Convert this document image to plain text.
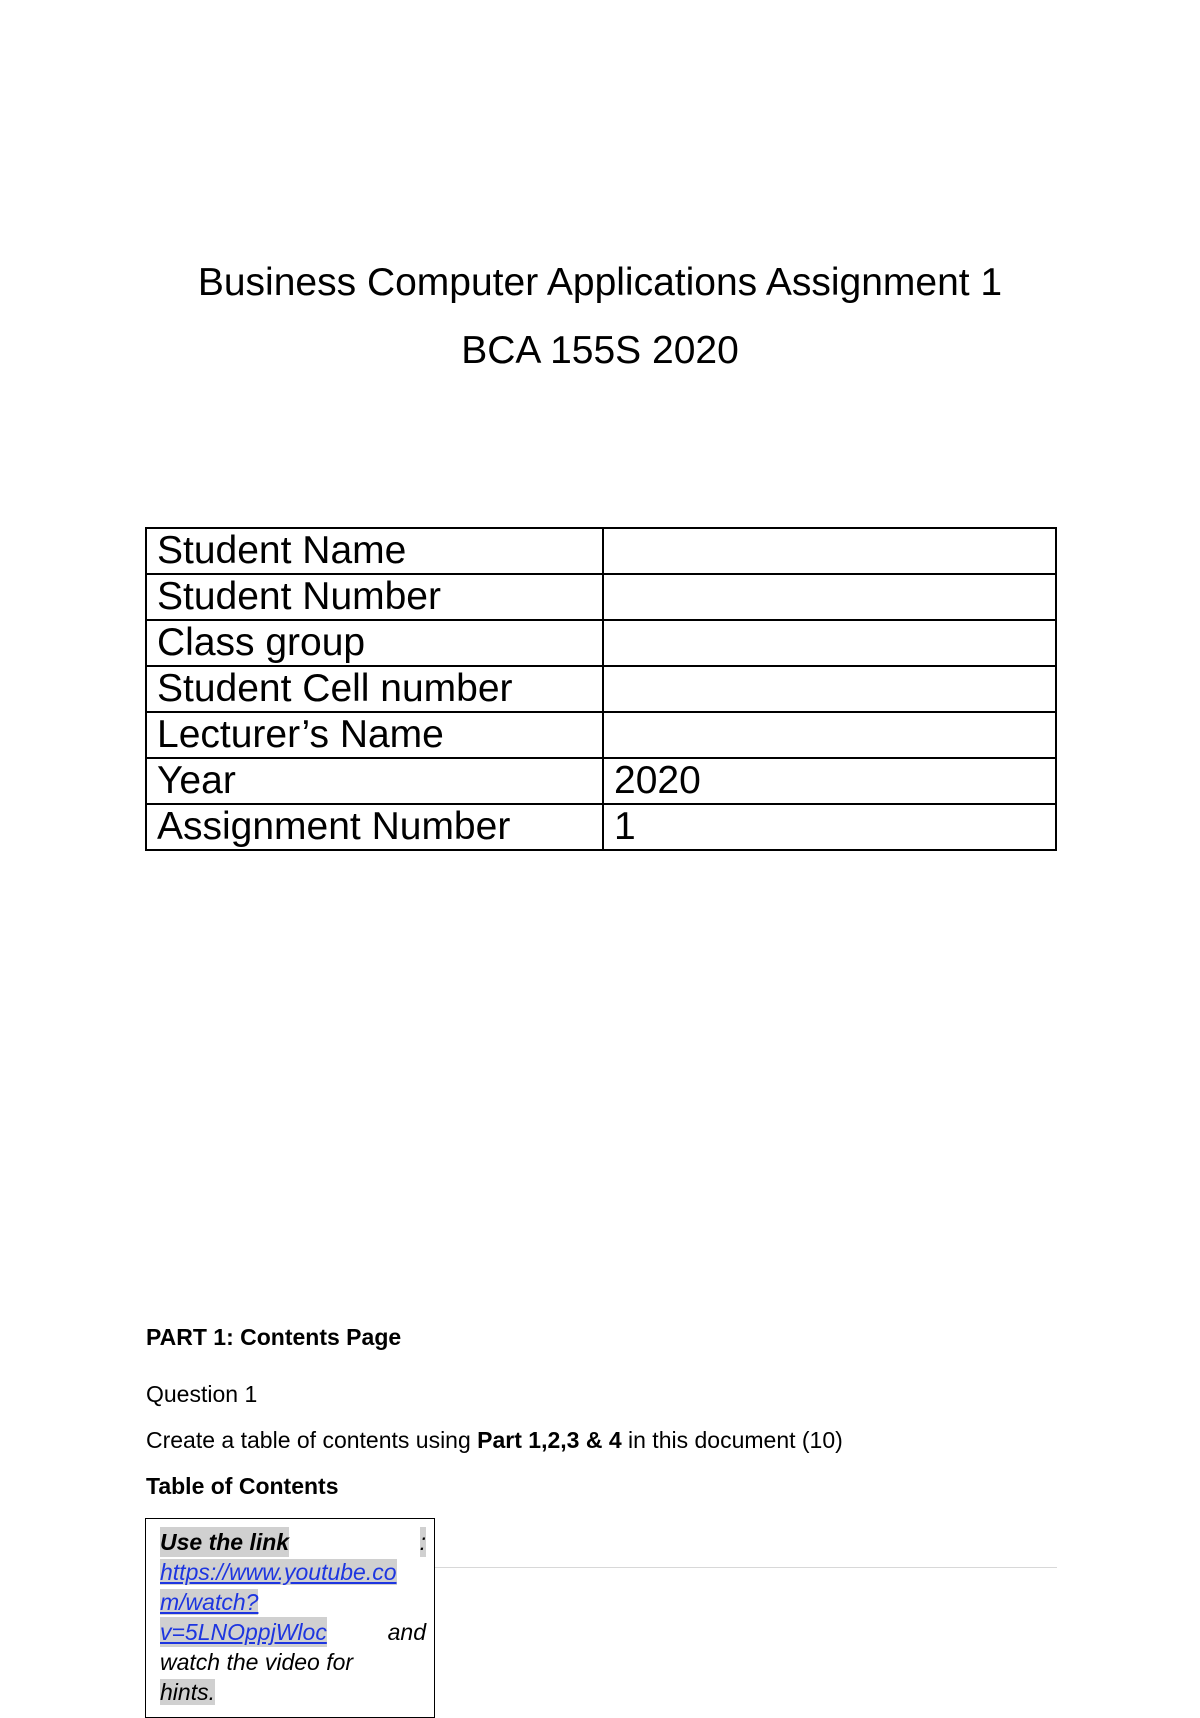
Business Computer Applications Assignment 1
BCA 155S 2020
Student Name	
Student Number	
Class group	
Student Cell number	
Lecturer’s Name	
Year	2020
Assignment Number	1

PART 1: Contents Page

Question 1

Create a table of contents using Part 1,2,3 & 4 in this document (10)

Table of Contents

Use the link	:
https://www.youtube.co
m/watch?
v=5LNOppjWloc	and
watch the video for
hints.
